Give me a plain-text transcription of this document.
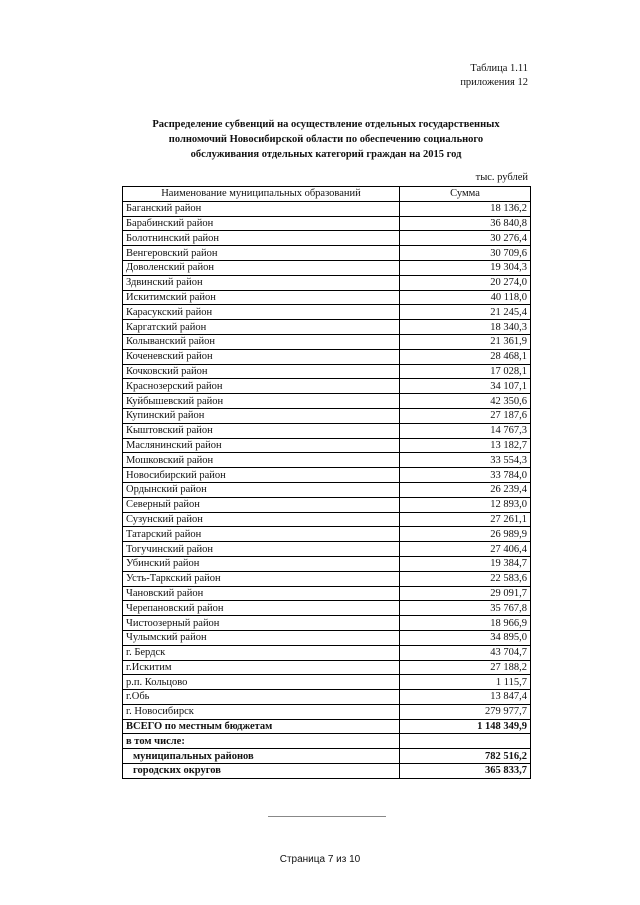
Таблица 1.11
приложения 12
Распределение субвенций на осуществление отдельных государственных
полномочий Новосибирской области по обеспечению социального
обслуживания отдельных категорий граждан на 2015 год
тыс. рублей
Наименование муниципальных образований	Сумма
Баганский район	18 136,2
Барабинский район	36 840,8
Болотнинский район	30 276,4
Венгеровский район	30 709,6
Доволенский район	19 304,3
Здвинский район	20 274,0
Искитимский район	40 118,0
Карасукский район	21 245,4
Каргатский район	18 340,3
Колыванский район	21 361,9
Коченевский район	28 468,1
Кочковский район	17 028,1
Краснозерский район	34 107,1
Куйбышевский район	42 350,6
Купинский район	27 187,6
Кыштовский район	14 767,3
Маслянинский район	13 182,7
Мошковский район	33 554,3
Новосибирский район	33 784,0
Ордынский район	26 239,4
Северный район	12 893,0
Сузунский район	27 261,1
Татарский район	26 989,9
Тогучинский район	27 406,4
Убинский район	19 384,7
Усть-Таркский район	22 583,6
Чановский район	29 091,7
Черепановский район	35 767,8
Чистоозерный район	18 966,9
Чулымский район	34 895,0
г. Бердск	43 704,7
г.Искитим	27 188,2
р.п. Кольцово	1 115,7
г.Обь	13 847,4
г. Новосибирск	279 977,7
ВСЕГО по местным бюджетам	1 148 349,9
в том числе:	
муниципальных районов	782 516,2
городских округов	365 833,7
Страница 7 из 10
